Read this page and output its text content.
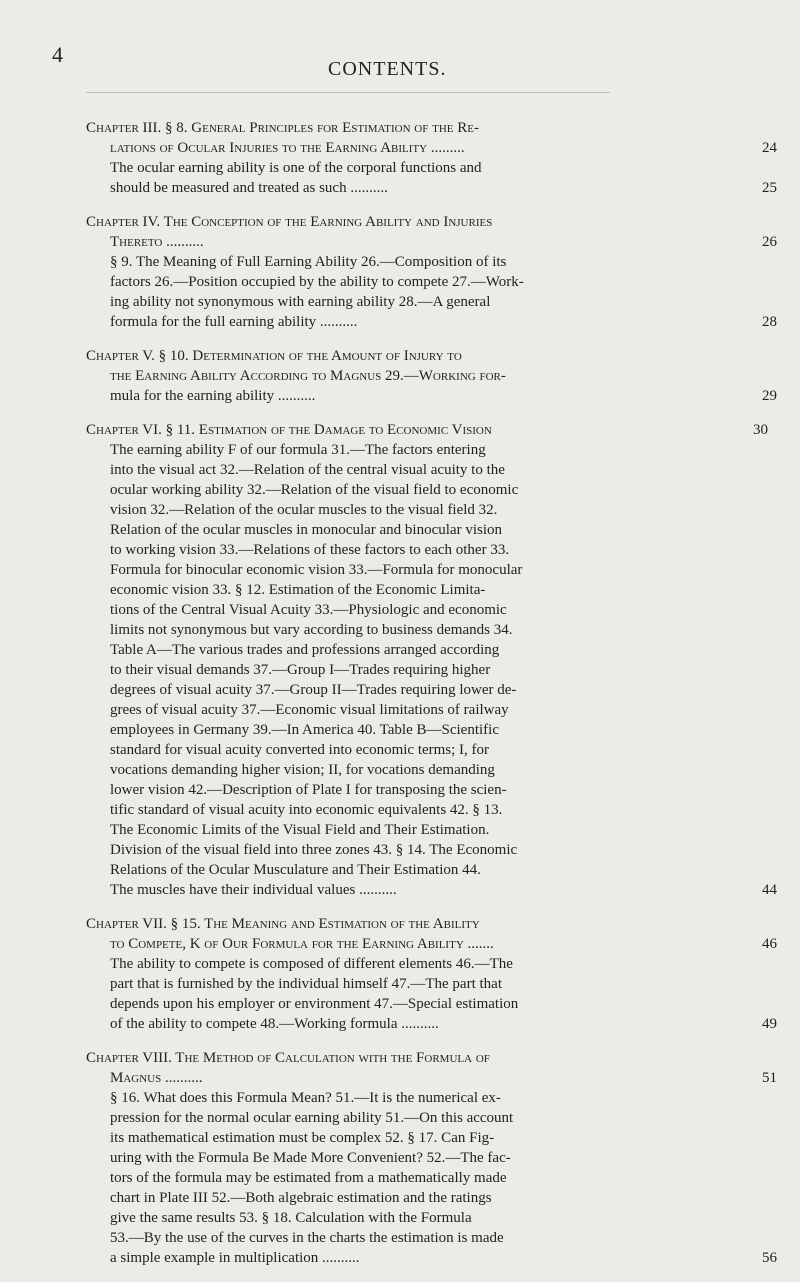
4
CONTENTS.
Chapter III. § 8. General Principles for Estimation of the Re-
lations of Ocular Injuries to the Earning Ability .........	24
The ocular earning ability is one of the corporal functions and
should be measured and treated as such ..........	25
Chapter IV. The Conception of the Earning Ability and Injuries
Thereto ..........	26
§ 9. The Meaning of Full Earning Ability 26.—Composition of its
factors 26.—Position occupied by the ability to compete 27.—Work-
ing ability not synonymous with earning ability 28.—A general
formula for the full earning ability ..........	28
Chapter V. § 10. Determination of the Amount of Injury to
the Earning Ability According to Magnus 29.—Working for-
mula for the earning ability ..........	29
Chapter VI. § 11. Estimation of the Damage to Economic Vision	30
The earning ability F of our formula 31.—The factors entering
into the visual act 32.—Relation of the central visual acuity to the
ocular working ability 32.—Relation of the visual field to economic
vision 32.—Relation of the ocular muscles to the visual field 32.
Relation of the ocular muscles in monocular and binocular vision
to working vision 33.—Relations of these factors to each other 33.
Formula for binocular economic vision 33.—Formula for monocular
economic vision 33. § 12. Estimation of the Economic Limita-
tions of the Central Visual Acuity 33.—Physiologic and economic
limits not synonymous but vary according to business demands 34.
Table A—The various trades and professions arranged according
to their visual demands 37.—Group I—Trades requiring higher
degrees of visual acuity 37.—Group II—Trades requiring lower de-
grees of visual acuity 37.—Economic visual limitations of railway
employees in Germany 39.—In America 40. Table B—Scientific
standard for visual acuity converted into economic terms; I, for
vocations demanding higher vision; II, for vocations demanding
lower vision 42.—Description of Plate I for transposing the scien-
tific standard of visual acuity into economic equivalents 42. § 13.
The Economic Limits of the Visual Field and Their Estimation.
Division of the visual field into three zones 43. § 14. The Economic
Relations of the Ocular Musculature and Their Estimation 44.
The muscles have their individual values ..........	44
Chapter VII. § 15. The Meaning and Estimation of the Ability
to Compete, K of Our Formula for the Earning Ability .......	46
The ability to compete is composed of different elements 46.—The
part that is furnished by the individual himself 47.—The part that
depends upon his employer or environment 47.—Special estimation
of the ability to compete 48.—Working formula ..........	49
Chapter VIII. The Method of Calculation with the Formula of
Magnus ..........	51
§ 16. What does this Formula Mean? 51.—It is the numerical ex-
pression for the normal ocular earning ability 51.—On this account
its mathematical estimation must be complex 52. § 17. Can Fig-
uring with the Formula Be Made More Convenient? 52.—The fac-
tors of the formula may be estimated from a mathematically made
chart in Plate III 52.—Both algebraic estimation and the ratings
give the same results 53. § 18. Calculation with the Formula
53.—By the use of the curves in the charts the estimation is made
a simple example in multiplication ..........	56
